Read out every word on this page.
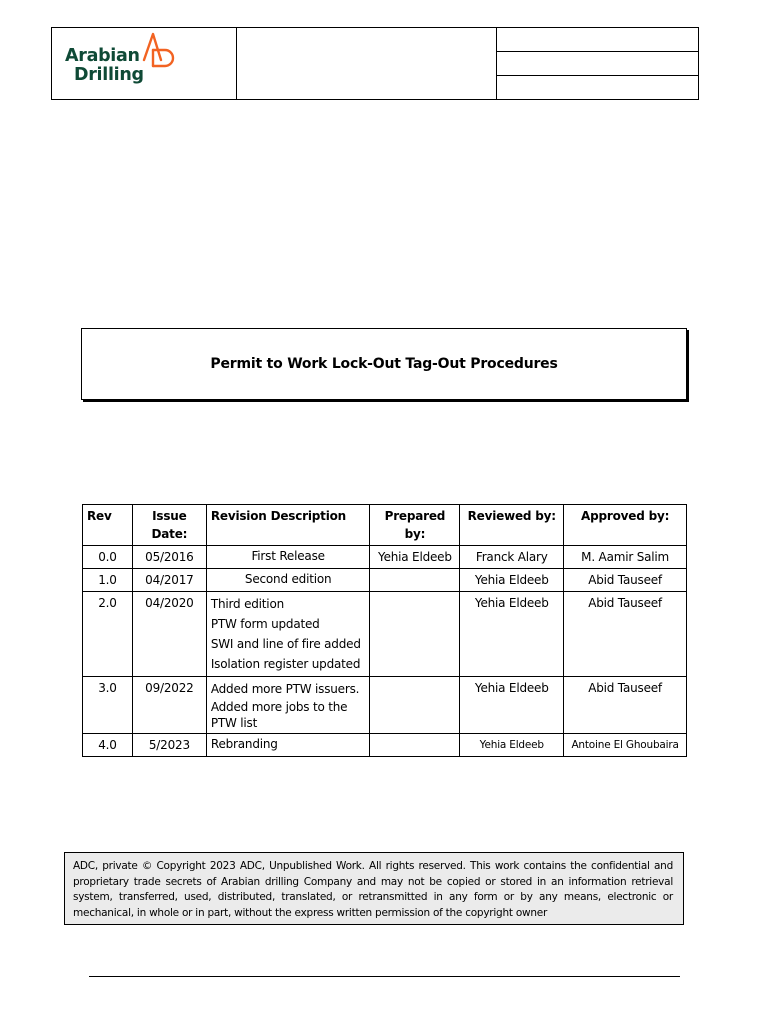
Arabian
Drilling
Permit to Work Lock-Out Tag-Out Procedures
Rev	Issue Date:	Revision Description	Prepared by:	Reviewed by:	Approved by:
0.0	05/2016	First Release	Yehia Eldeeb	Franck Alary	M. Aamir Salim
1.0	04/2017	Second edition		Yehia Eldeeb	Abid Tauseef
2.0	04/2020	Third edition
PTW form updated
SWI and line of fire added
Isolation register updated		Yehia Eldeeb	Abid Tauseef
3.0	09/2022	Added more PTW issuers.
Added more jobs to the
PTW list		Yehia Eldeeb	Abid Tauseef
4.0	5/2023	Rebranding		Yehia Eldeeb	Antoine El Ghoubaira
ADC, private © Copyright 2023 ADC, Unpublished Work. All rights reserved. This work contains the confidential and proprietary trade secrets of Arabian drilling Company and may not be copied or stored in an information retrieval system, transferred, used, distributed, translated, or retransmitted in any form or by any means, electronic or mechanical, in whole or in part, without the express written permission of the copyright owner
